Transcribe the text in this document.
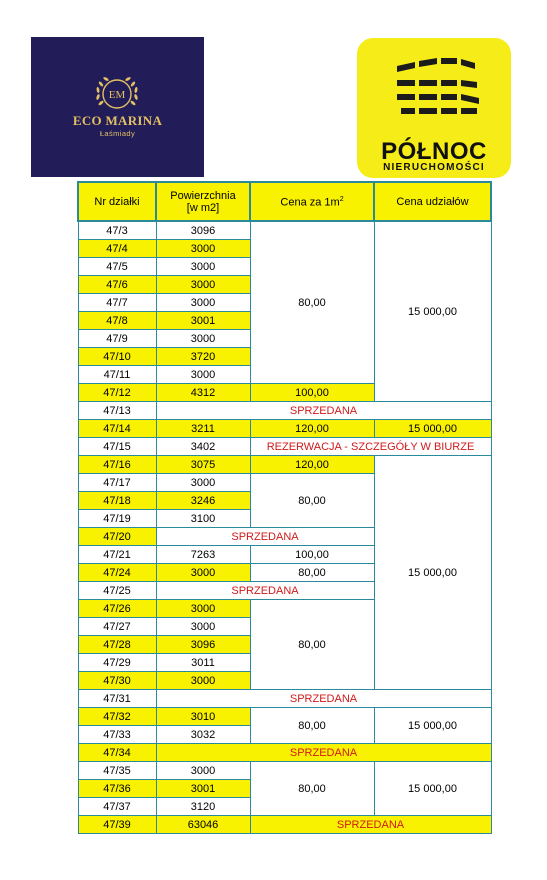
EM
ECO MARINA
Łaśmiady
PÓŁNOC
NIERUCHOMOŚCI
Nr działki	Powierzchnia
[w m2]	Cena za $1m^2$	Cena udziałów
47/3	3096	80,00	15 000,00
47/4	3000		
47/5	3000		
47/6	3000		
47/7	3000		
47/8	3001		
47/9	3000		
47/10	3720		
47/11	3000		
47/12	4312	100,00	
47/13	SPRZEDANA		
47/14	3211	120,00	15 000,00
47/15	3402	REZERWACJA - SZCZEGÓŁY W BIURZE	
47/16	3075	120,00	15 000,00
47/17	3000	80,00	
47/18	3246		
47/19	3100		
47/20	SPRZEDANA		
47/21	7263	100,00	
47/24	3000	80,00	
47/25	SPRZEDANA		
47/26	3000	80,00	
47/27	3000		
47/28	3096		
47/29	3011		
47/30	3000		
47/31	SPRZEDANA		
47/32	3010	80,00	15 000,00
47/33	3032		
47/34	SPRZEDANA		
47/35	3000	80,00	15 000,00
47/36	3001		
47/37	3120		
47/39	63046	SPRZEDANA	
